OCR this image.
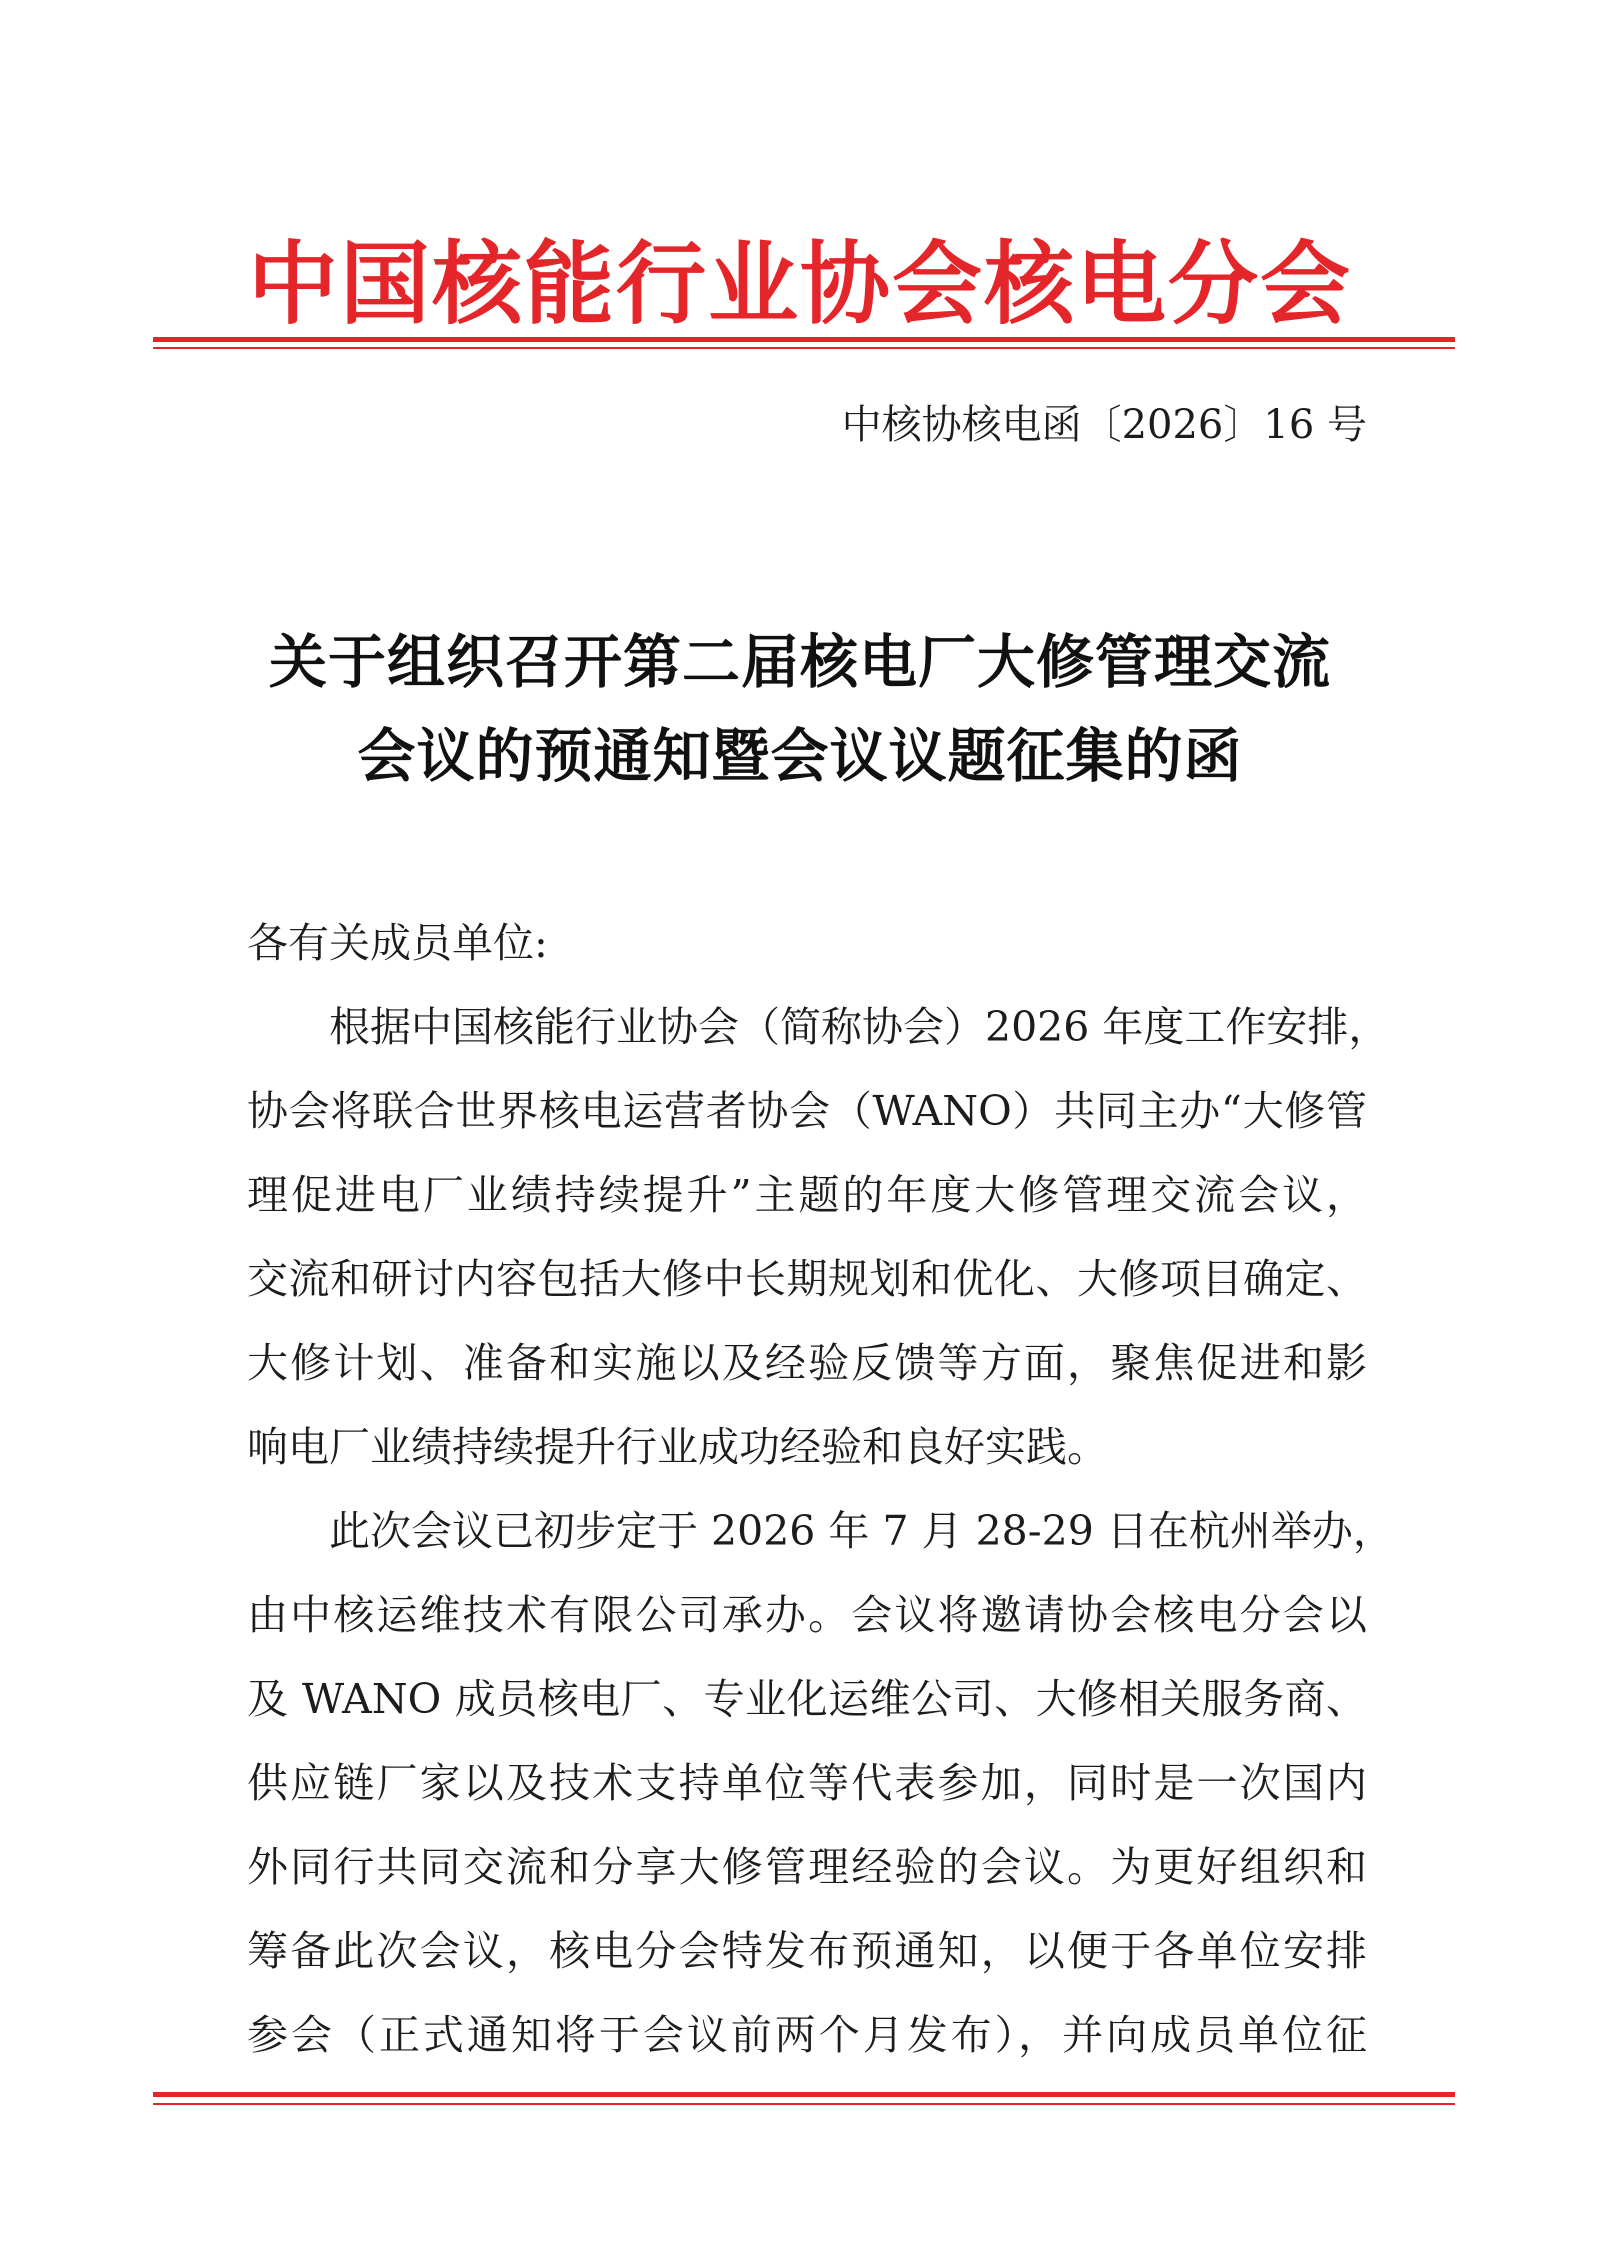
中国核能行业协会核电分会
中核协核电函〔2026〕16 号
关于组织召开第二届核电厂大修管理交流
会议的预通知暨会议议题征集的函
各有关成员单位:
根据中国核能行业协会（简称协会）2026 年度工作安排，
协会将联合世界核电运营者协会（WANO）共同主办“大修管
理促进电厂业绩持续提升”主题的年度大修管理交流会议，
交流和研讨内容包括大修中长期规划和优化、大修项目确定、
大修计划、准备和实施以及经验反馈等方面，聚焦促进和影
响电厂业绩持续提升行业成功经验和良好实践。
此次会议已初步定于 2026 年 7 月 28-29 日在杭州举办，
由中核运维技术有限公司承办。会议将邀请协会核电分会以
及 WANO 成员核电厂、专业化运维公司、大修相关服务商、
供应链厂家以及技术支持单位等代表参加，同时是一次国内
外同行共同交流和分享大修管理经验的会议。为更好组织和
筹备此次会议，核电分会特发布预通知，以便于各单位安排
参会（正式通知将于会议前两个月发布），并向成员单位征
